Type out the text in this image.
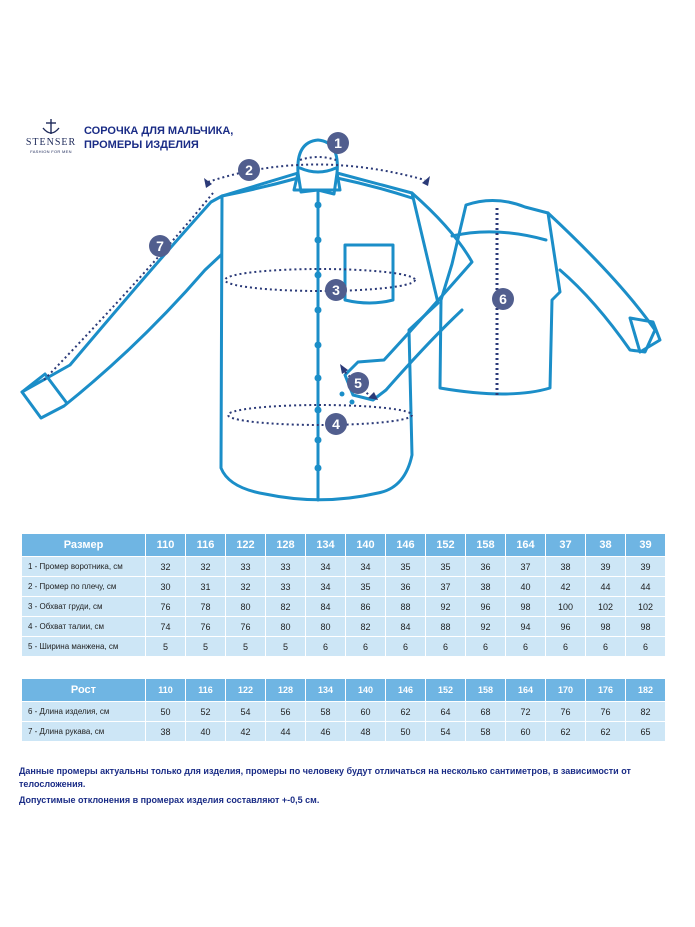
STENSER
FASHION FOR MEN
СОРОЧКА ДЛЯ МАЛЬЧИКА,
ПРОМЕРЫ ИЗДЕЛИЯ	1
2
3
4
5
6
7
Размер	110	116	122	128	134	140	146	152	158	164	37	38	39
1 - Промер воротника, см	32	32	33	33	34	34	35	35	36	37	38	39	39
2 - Промер по плечу, см	30	31	32	33	34	35	36	37	38	40	42	44	44
3 - Обхват груди, см	76	78	80	82	84	86	88	92	96	98	100	102	102
4 - Обхват талии, см	74	76	76	80	80	82	84	88	92	94	96	98	98
5 - Ширина манжена, см	5	5	5	5	6	6	6	6	6	6	6	6	6
Рост	110	116	122	128	134	140	146	152	158	164	170	176	182
6 - Длина изделия, см	50	52	54	56	58	60	62	64	68	72	76	76	82
7 - Длина рукава, см	38	40	42	44	46	48	50	54	58	60	62	62	65
Данные промеры актуальны только для изделия, промеры по человеку будут отличаться на несколько сантиметров, в зависимости от телосложения.
Допустимые отклонения в промерах изделия составляют +-0,5 см.
